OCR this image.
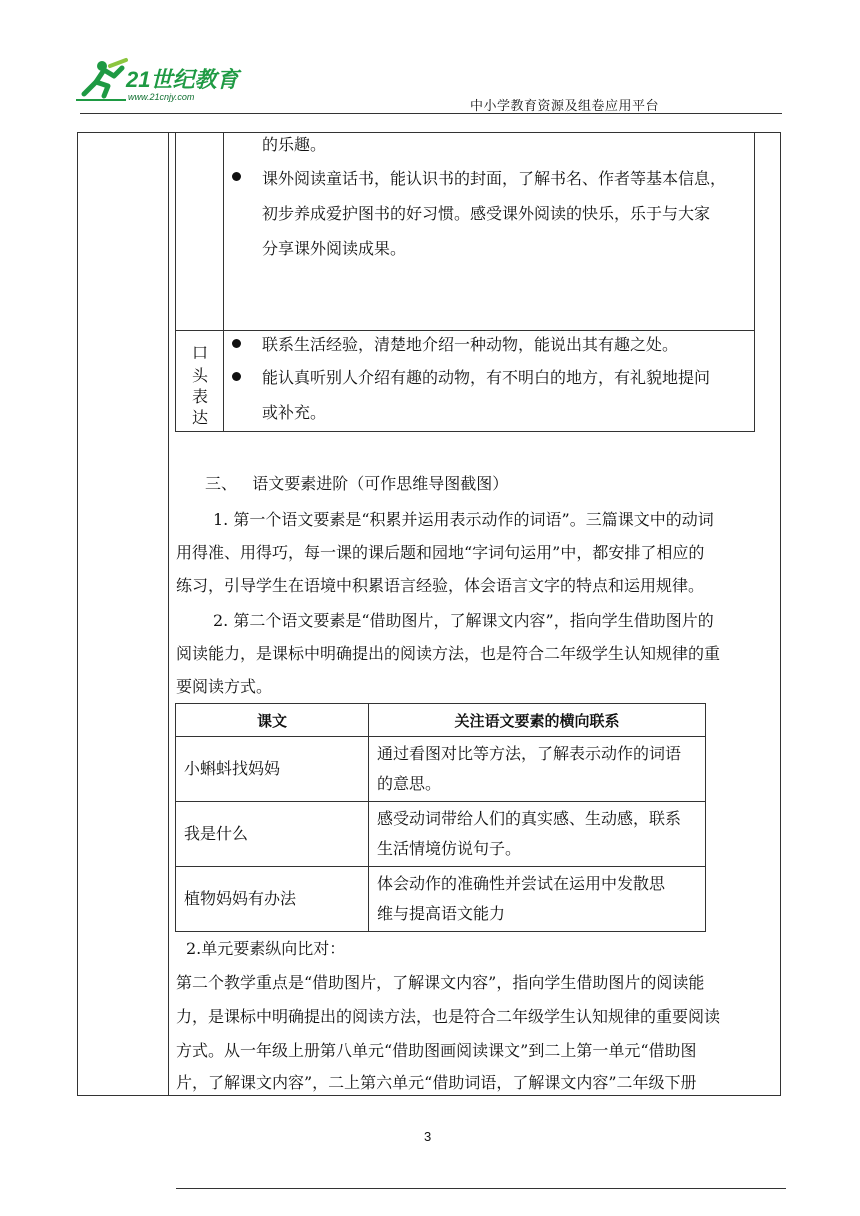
21世纪教育
www.21cnjy.com
中小学教育资源及组卷应用平台
的乐趣。
课外阅读童话书，能认识书的封面，了解书名、作者等基本信息，
初步养成爱护图书的好习惯。感受课外阅读的快乐，乐于与大家
分享课外阅读成果。
口
头
表
达
联系生活经验，清楚地介绍一种动物，能说出其有趣之处。
能认真听别人介绍有趣的动物，有不明白的地方，有礼貌地提问
或补充。
三、   语文要素进阶（可作思维导图截图）
1. 第一个语文要素是“积累并运用表示动作的词语”。三篇课文中的动词
用得准、用得巧，每一课的课后题和园地“字词句运用”中，都安排了相应的
练习，引导学生在语境中积累语言经验，体会语言文字的特点和运用规律。
2. 第二个语文要素是“借助图片，了解课文内容”，指向学生借助图片的
阅读能力，是课标中明确提出的阅读方法，也是符合二年级学生认知规律的重
要阅读方式。
课文	关注语文要素的横向联系
小蝌蚪找妈妈	通过看图对比等方法，了解表示动作的词语
的意思。
我是什么	感受动词带给人们的真实感、生动感，联系
生活情境仿说句子。
植物妈妈有办法	体会动作的准确性并尝试在运用中发散思
维与提高语文能力
2.单元要素纵向比对：
第二个教学重点是“借助图片，了解课文内容”，指向学生借助图片的阅读能
力，是课标中明确提出的阅读方法，也是符合二年级学生认知规律的重要阅读
方式。从一年级上册第八单元“借助图画阅读课文”到二上第一单元“借助图
片，了解课文内容”，二上第六单元“借助词语，了解课文内容”二年级下册
3
